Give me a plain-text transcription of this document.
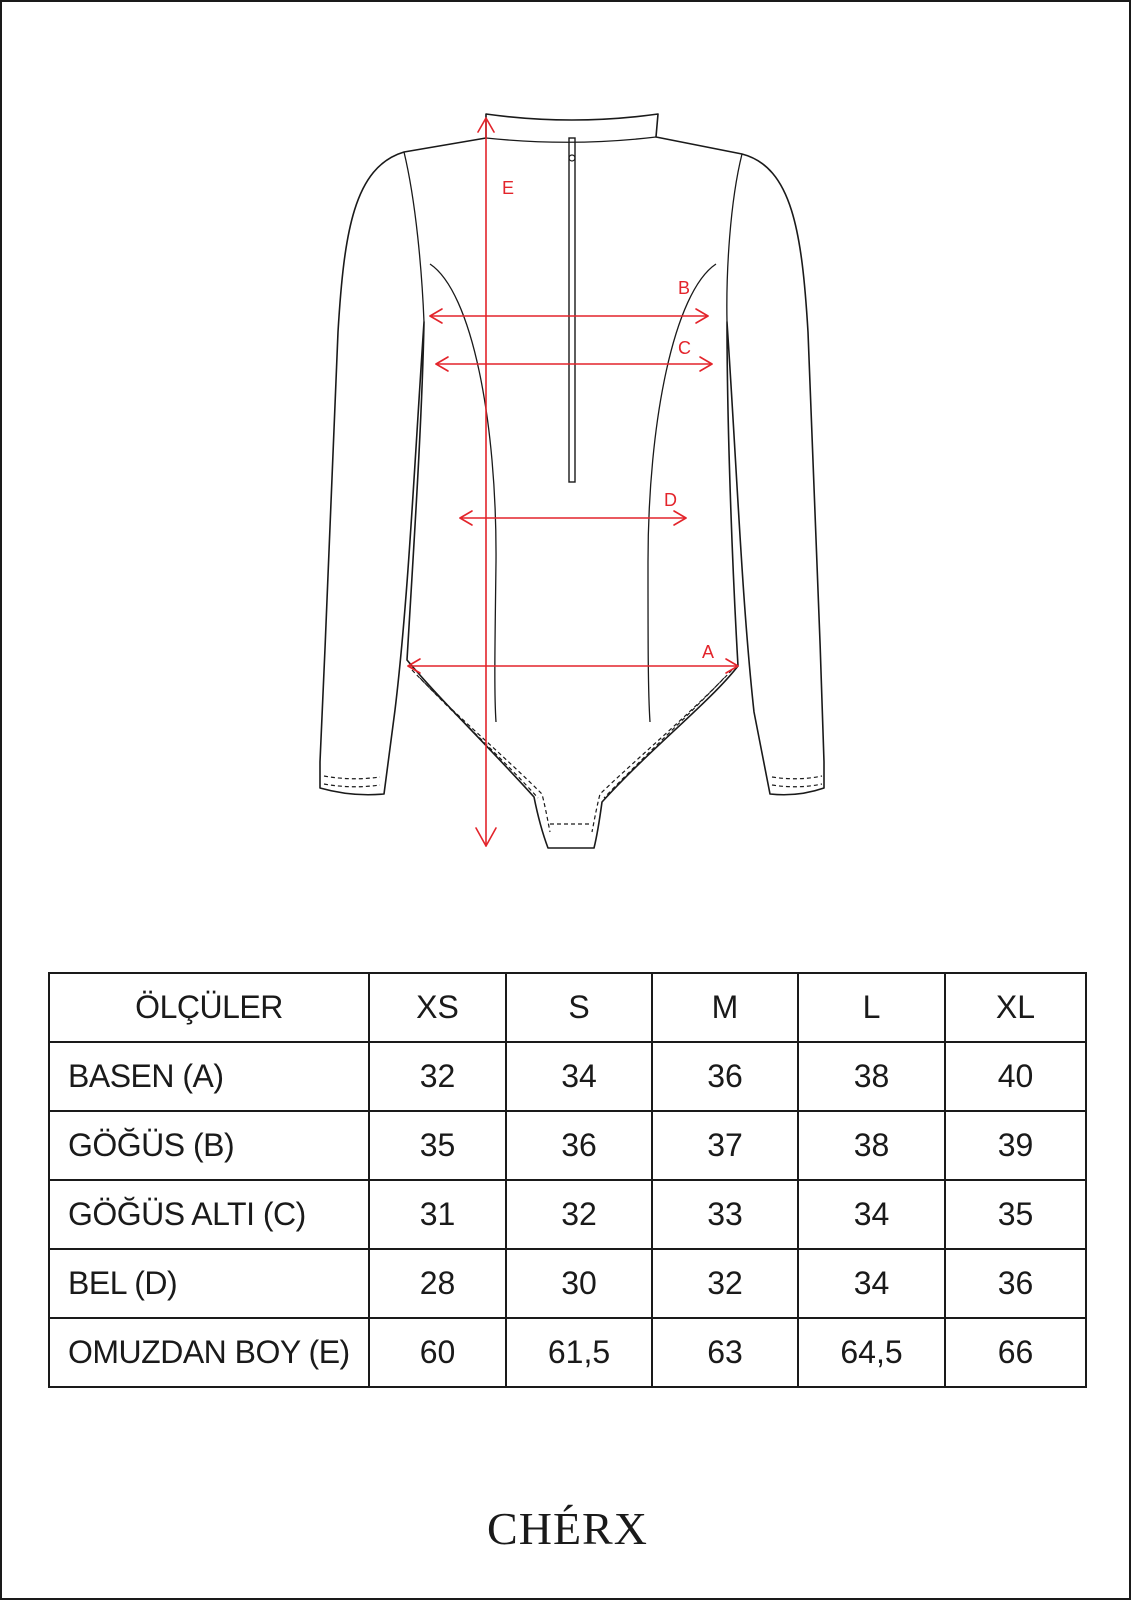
E
B
C
D
A
ÖLÇÜLER	XS	S	M	L	XL
BASEN (A)	32	34	36	38	40
GÖĞÜS (B)	35	36	37	38	39
GÖĞÜS ALTI (C)	31	32	33	34	35
BEL (D)	28	30	32	34	36
OMUZDAN BOY (E)	60	61,5	63	64,5	66
CHÉRX
